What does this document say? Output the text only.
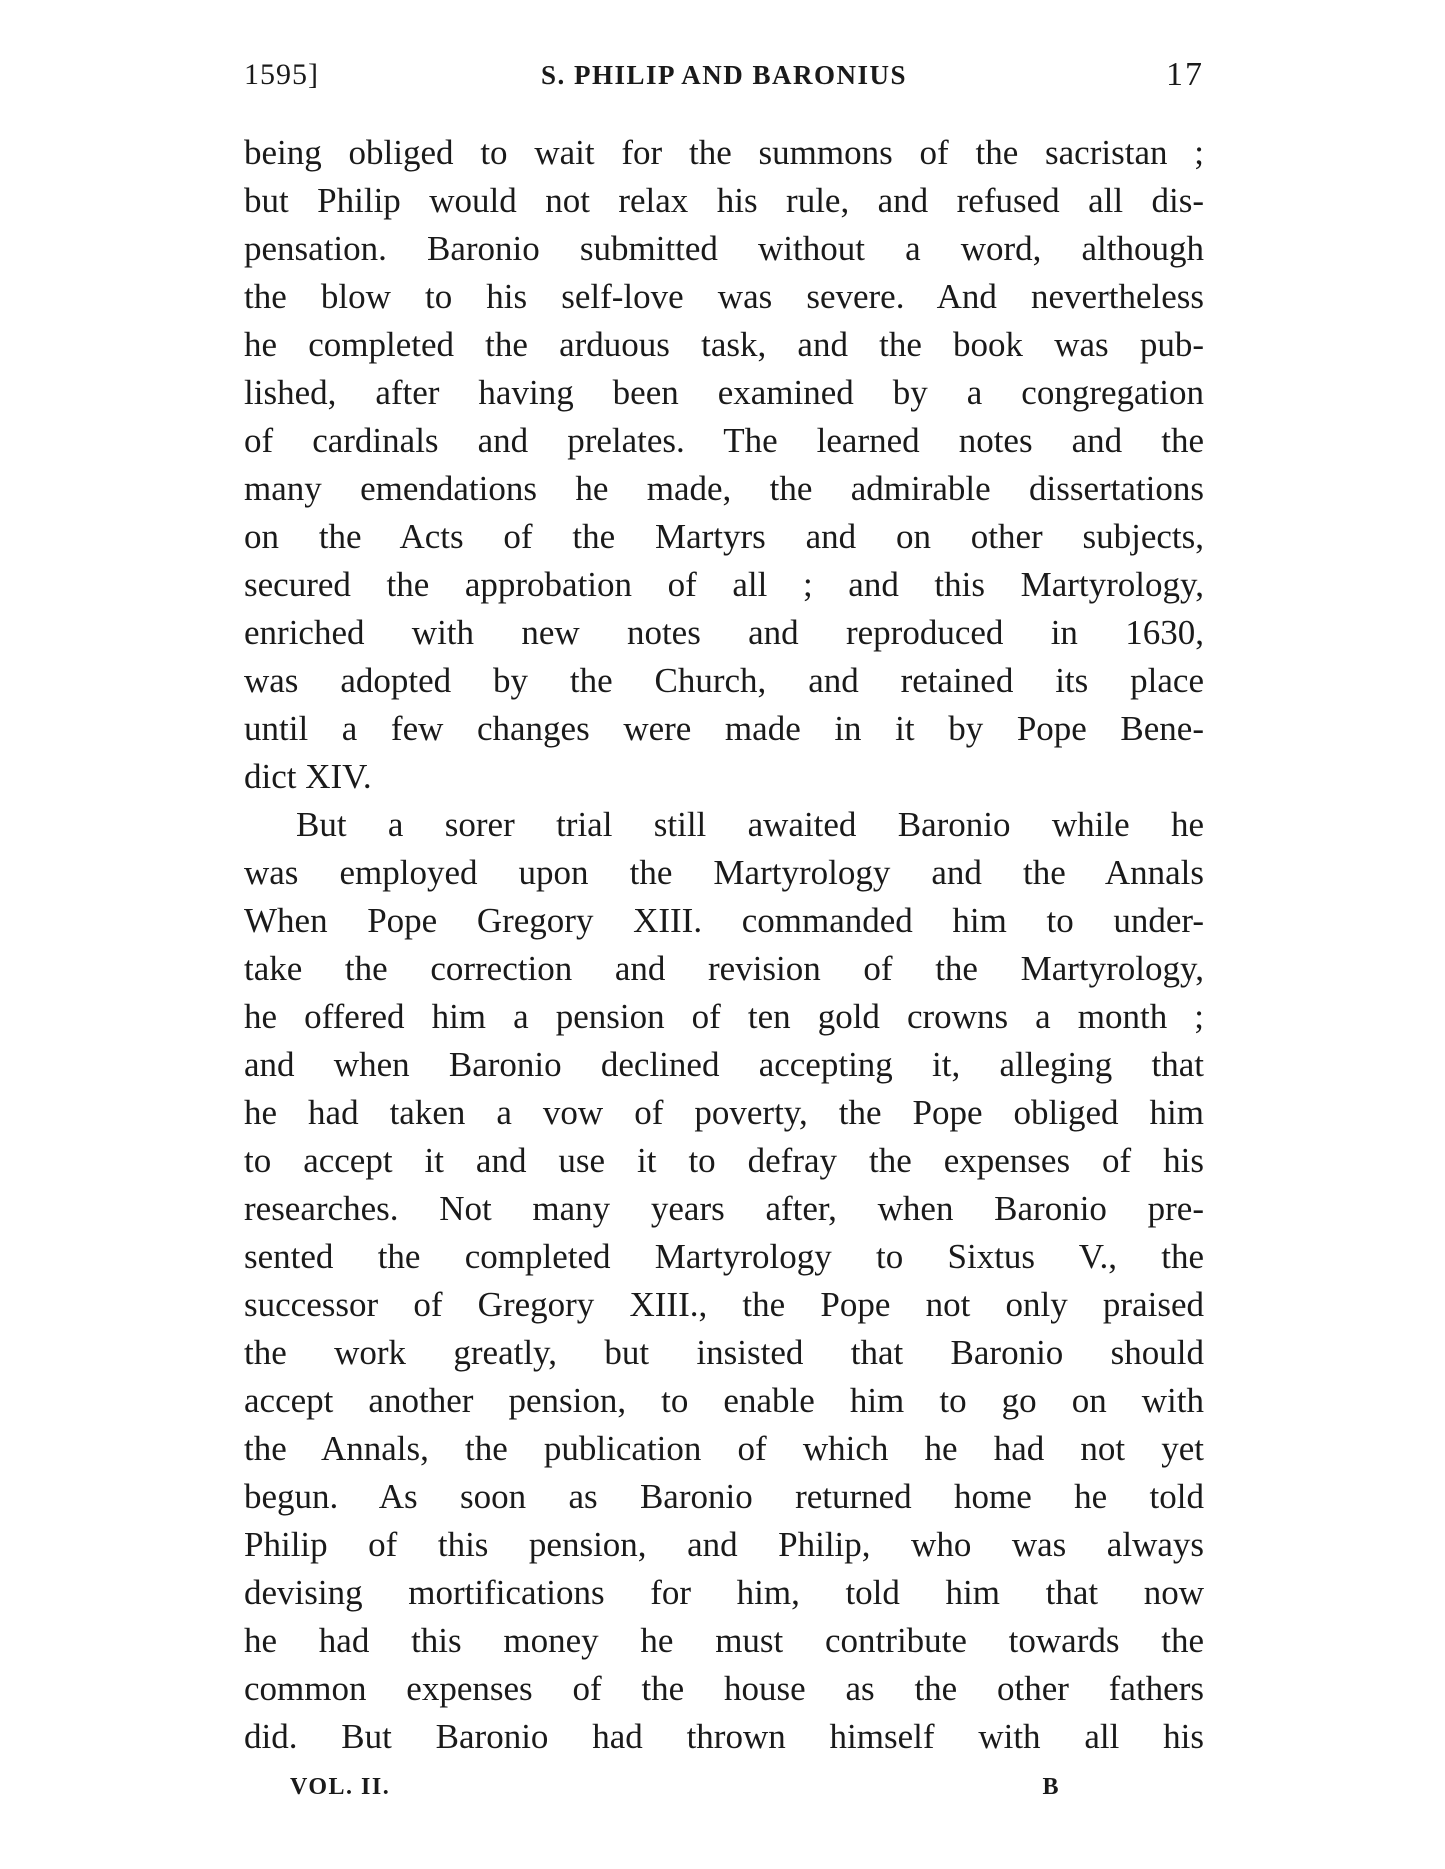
1595]	S. PHILIP AND BARONIUS	17
being obliged to wait for the summons of the sacristan ;
but Philip would not relax his rule, and refused all dis-
pensation. Baronio submitted without a word, although
the blow to his self-love was severe. And nevertheless
he completed the arduous task, and the book was pub-
lished, after having been examined by a congregation
of cardinals and prelates. The learned notes and the
many emendations he made, the admirable dissertations
on the Acts of the Martyrs and on other subjects,
secured the approbation of all ; and this Martyrology,
enriched with new notes and reproduced in 1630,
was adopted by the Church, and retained its place
until a few changes were made in it by Pope Bene-
dict XIV.
But a sorer trial still awaited Baronio while he
was employed upon the Martyrology and the Annals
When Pope Gregory XIII. commanded him to under-
take the correction and revision of the Martyrology,
he offered him a pension of ten gold crowns a month ;
and when Baronio declined accepting it, alleging that
he had taken a vow of poverty, the Pope obliged him
to accept it and use it to defray the expenses of his
researches. Not many years after, when Baronio pre-
sented the completed Martyrology to Sixtus V., the
successor of Gregory XIII., the Pope not only praised
the work greatly, but insisted that Baronio should
accept another pension, to enable him to go on with
the Annals, the publication of which he had not yet
begun. As soon as Baronio returned home he told
Philip of this pension, and Philip, who was always
devising mortifications for him, told him that now
he had this money he must contribute towards the
common expenses of the house as the other fathers
did. But Baronio had thrown himself with all his
VOL. II.	B
